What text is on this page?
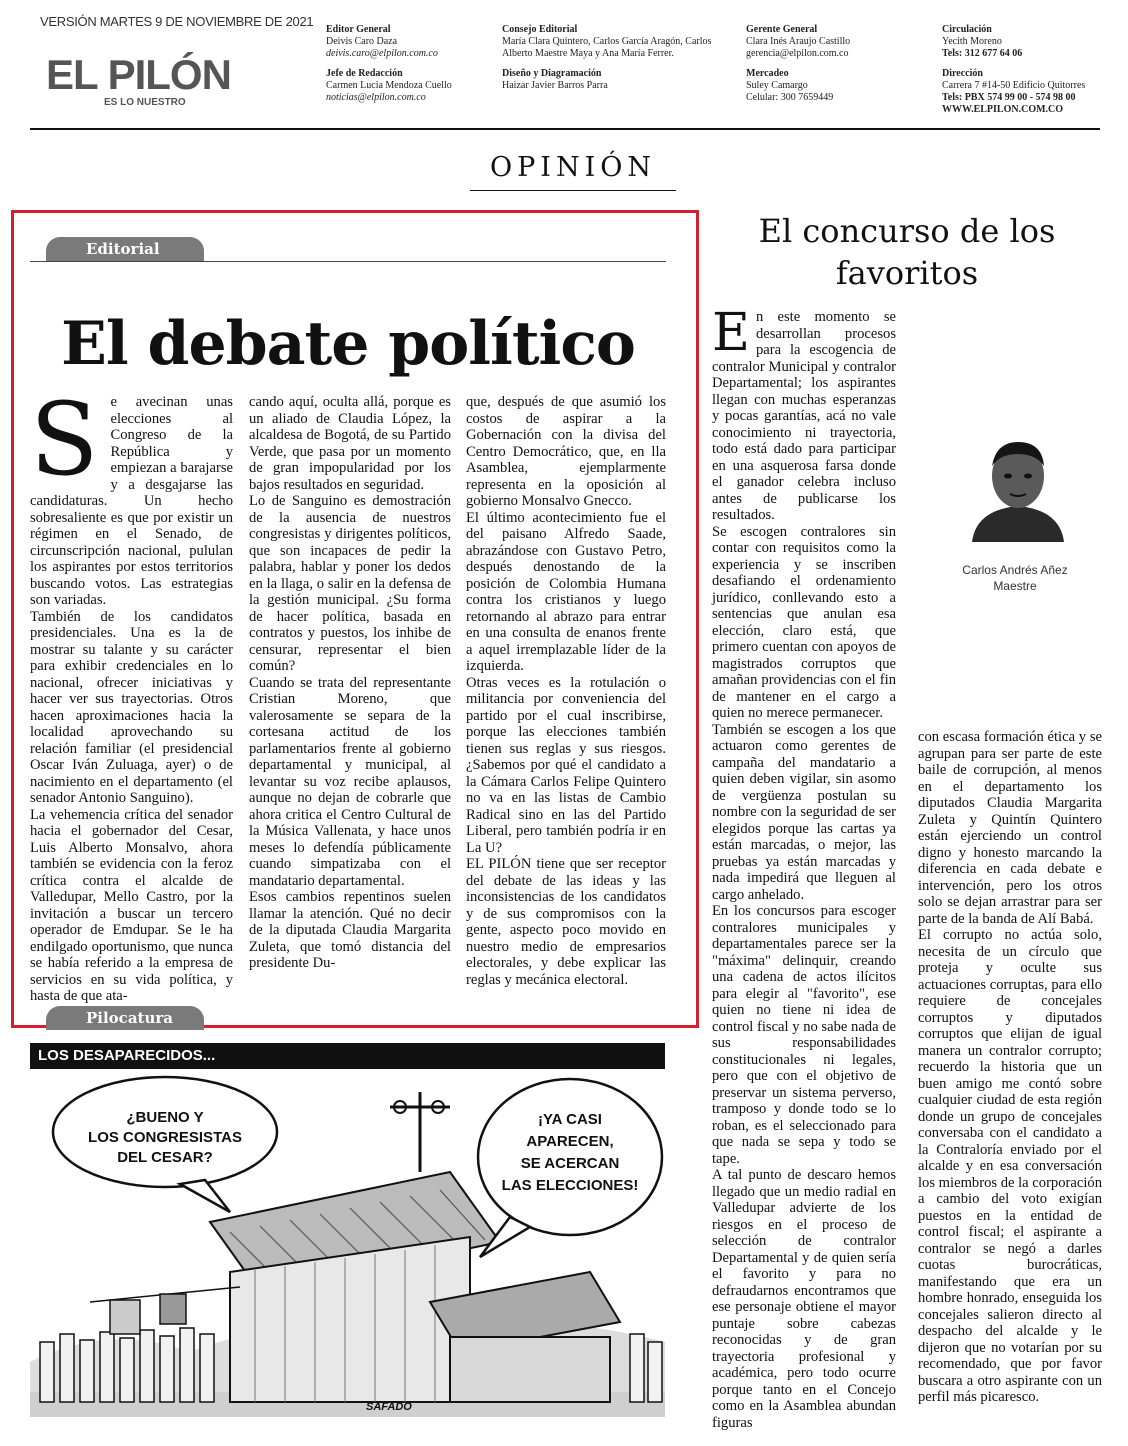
VERSIÓN MARTES 9 DE NOVIEMBRE DE 2021
EL PILÓN
ES LO NUESTRO
Editor General
Deivis Caro Daza
deivis.caro@elpilon.com.co
Jefe de Redacción
Carmen Lucia Mendoza Cuello
noticias@elpilon.com.co
Consejo Editorial
María Clara Quintero, Carlos García Aragón, Carlos Alberto Maestre Maya y Ana María Ferrer.
Diseño y Diagramación
Haizar Javier Barros Parra
Gerente General
Clara Inés Araujo Castillo
gerencia@elpilon.com.co
Mercadeo
Suley Camargo
Celular: 300 7659449
Circulación
Yecith Moreno
Tels: 312 677 64 06
Dirección
Carrera 7 #14-50 Edificio Quitorres
Tels: PBX 574 99 00 - 574 98 00
WWW.ELPILON.COM.CO
OPINIÓN
Editorial
El debate político
S e avecinan unas elecciones al Congreso de la República y empiezan a barajarse y a desgajarse las candidaturas. Un hecho sobresaliente es que por existir un régimen en el Senado, de circunscripción nacional, pululan los aspirantes por estos territorios buscando votos. Las estrategias son variadas.

También de los candidatos presidenciales. Una es la de mostrar su talante y su carácter para exhibir credenciales en lo nacional, ofrecer iniciativas y hacer ver sus trayectorias. Otros hacen aproximaciones hacia la localidad aprovechando su relación familiar (el presidencial Oscar Iván Zuluaga, ayer) o de nacimiento en el departamento (el senador Antonio Sanguino).

La vehemencia crítica del senador hacia el gobernador del Cesar, Luis Alberto Monsalvo, ahora también se evidencia con la feroz crítica contra el alcalde de Valledupar, Mello Castro, por la invitación a buscar un tercero operador de Emdupar. Se le ha endilgado oportunismo, que nunca se había referido a la empresa de servicios en su vida política, y hasta de que ata-

cando aquí, oculta allá, porque es un aliado de Claudia López, la alcaldesa de Bogotá, de su Partido Verde, que pasa por un momento de gran impopularidad por los bajos resultados en seguridad.

Lo de Sanguino es demostración de la ausencia de nuestros congresistas y dirigentes políticos, que son incapaces de pedir la palabra, hablar y poner los dedos en la llaga, o salir en la defensa de la gestión municipal. ¿Su forma de hacer política, basada en contratos y puestos, los inhibe de censurar, representar el bien común?

Cuando se trata del representante Cristian Moreno, que valerosamente se separa de la cortesana actitud de los parlamentarios frente al gobierno departamental y municipal, al levantar su voz recibe aplausos, aunque no dejan de cobrarle que ahora critica el Centro Cultural de la Música Vallenata, y hace unos meses lo defendía públicamente cuando simpatizaba con el mandatario departamental.

Esos cambios repentinos suelen llamar la atención. Qué no decir de la diputada Claudia Margarita Zuleta, que tomó distancia del presidente Du-

que, después de que asumió los costos de aspirar a la Gobernación con la divisa del Centro Democrático, que, en lla Asamblea, ejemplarmente representa en la oposición al gobierno Monsalvo Gnecco.

El último acontecimiento fue el del paisano Alfredo Saade, abrazándose con Gustavo Petro, después denostando de la posición de Colombia Humana contra los cristianos y luego retornando al abrazo para entrar en una consulta de enanos frente a aquel irremplazable líder de la izquierda.

Otras veces es la rotulación o militancia por conveniencia del partido por el cual inscribirse, porque las elecciones también tienen sus reglas y sus riesgos. ¿Sabemos por qué el candidato a la Cámara Carlos Felipe Quintero no va en las listas de Cambio Radical sino en las del Partido Liberal, pero también podría ir en La U?

EL PILÓN tiene que ser receptor del debate de las ideas y las inconsistencias de los candidatos y de sus compromisos con la gente, aspecto poco movido en nuestro medio de empresarios electorales, y debe explicar las reglas y mecánica electoral.

Pilocatura
LOS DESAPARECIDOS...
¿BUENO Y
LOS CONGRESISTAS
DEL CESAR?
¡YA CASI
APARECEN,
SE ACERCAN
LAS ELECCIONES!
SAFADO
El concurso de los favoritos
Carlos Andrés Añez Maestre
E n este momento se desarrollan procesos para la escogencia de contralor Municipal y contralor Departamental; los aspirantes llegan con muchas esperanzas y pocas garantías, acá no vale conocimiento ni trayectoria, todo está dado para participar en una asquerosa farsa donde el ganador celebra incluso antes de publicarse los resultados.

Se escogen contralores sin contar con requisitos como la experiencia y se inscriben desafiando el ordenamiento jurídico, conllevando esto a sentencias que anulan esa elección, claro está, que primero cuentan con apoyos de magistrados corruptos que amañan providencias con el fin de mantener en el cargo a quien no merece permanecer.

También se escogen a los que actuaron como gerentes de campaña del mandatario a quien deben vigilar, sin asomo de vergüenza postulan su nombre con la seguridad de ser elegidos porque las cartas ya están marcadas, o mejor, las pruebas ya están marcadas y nada impedirá que lleguen al cargo anhelado.

En los concursos para escoger contralores municipales y departamentales parece ser la "máxima" delinquir, creando una cadena de actos ilícitos para elegir al "favorito", ese quien no tiene ni idea de control fiscal y no sabe nada de sus responsabilidades constitucionales ni legales, pero que con el objetivo de preservar un sistema perverso, tramposo y donde todo se lo roban, es el seleccionado para que nada se sepa y todo se tape.

A tal punto de descaro hemos llegado que un medio radial en Valledupar advierte de los riesgos en el proceso de selección de contralor Departamental y de quien sería el favorito y para no defraudarnos encontramos que ese personaje obtiene el mayor puntaje sobre cabezas reconocidas y de gran trayectoria profesional y académica, pero todo ocurre porque tanto en el Concejo como en la Asamblea abundan figuras

con escasa formación ética y se agrupan para ser parte de este baile de corrupción, al menos en el departamento los diputados Claudia Margarita Zuleta y Quintín Quintero están ejerciendo un control digno y honesto marcando la diferencia en cada debate e intervención, pero los otros solo se dejan arrastrar para ser parte de la banda de Alí Babá.

El corrupto no actúa solo, necesita de un círculo que proteja y oculte sus actuaciones corruptas, para ello requiere de concejales corruptos y diputados corruptos que elijan de igual manera un contralor corrupto; recuerdo la historia que un buen amigo me contó sobre cualquier ciudad de esta región donde un grupo de concejales conversaba con el candidato a la Contraloría enviado por el alcalde y en esa conversación los miembros de la corporación a cambio del voto exigían puestos en la entidad de control fiscal; el aspirante a contralor se negó a darles cuotas burocráticas, manifestando que era un hombre honrado, enseguida los concejales salieron directo al despacho del alcalde y le dijeron que no votarían por su recomendado, que por favor buscara a otro aspirante con un perfil más picaresco.
